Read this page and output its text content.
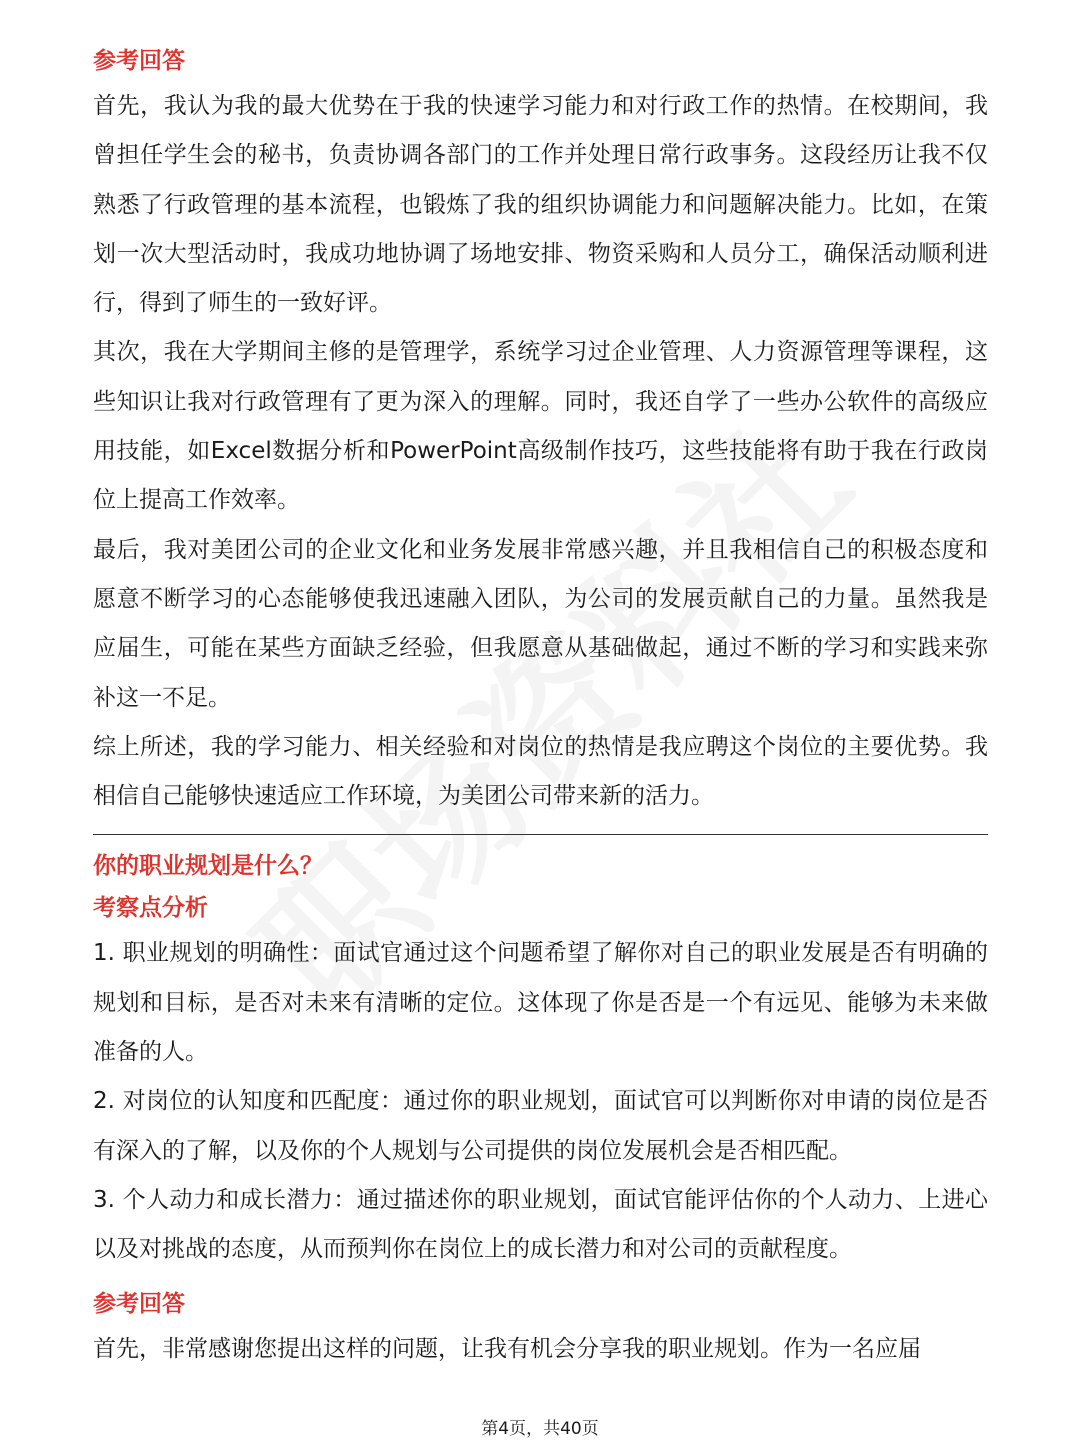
参考回答

首先，我认为我的最大优势在于我的快速学习能力和对行政工作的热情。在校期间，我曾担任学生会的秘书，负责协调各部门的工作并处理日常行政事务。这段经历让我不仅熟悉了行政管理的基本流程，也锻炼了我的组织协调能力和问题解决能力。比如，在策划一次大型活动时，我成功地协调了场地安排、物资采购和人员分工，确保活动顺利进行，得到了师生的一致好评。

其次，我在大学期间主修的是管理学，系统学习过企业管理、人力资源管理等课程，这些知识让我对行政管理有了更为深入的理解。同时，我还自学了一些办公软件的高级应用技能，如Excel数据分析和PowerPoint高级制作技巧，这些技能将有助于我在行政岗位上提高工作效率。

最后，我对美团公司的企业文化和业务发展非常感兴趣，并且我相信自己的积极态度和愿意不断学习的心态能够使我迅速融入团队，为公司的发展贡献自己的力量。虽然我是应届生，可能在某些方面缺乏经验，但我愿意从基础做起，通过不断的学习和实践来弥补这一不足。

综上所述，我的学习能力、相关经验和对岗位的热情是我应聘这个岗位的主要优势。我相信自己能够快速适应工作环境，为美团公司带来新的活力。

你的职业规划是什么？
考察点分析

1. 职业规划的明确性：面试官通过这个问题希望了解你对自己的职业发展是否有明确的规划和目标，是否对未来有清晰的定位。这体现了你是否是一个有远见、能够为未来做准备的人。

2. 对岗位的认知度和匹配度：通过你的职业规划，面试官可以判断你对申请的岗位是否有深入的了解，以及你的个人规划与公司提供的岗位发展机会是否相匹配。

3. 个人动力和成长潜力：通过描述你的职业规划，面试官能评估你的个人动力、上进心以及对挑战的态度，从而预判你在岗位上的成长潜力和对公司的贡献程度。

参考回答

首先，非常感谢您提出这样的问题，让我有机会分享我的职业规划。作为一名应届

第4页，共40页
